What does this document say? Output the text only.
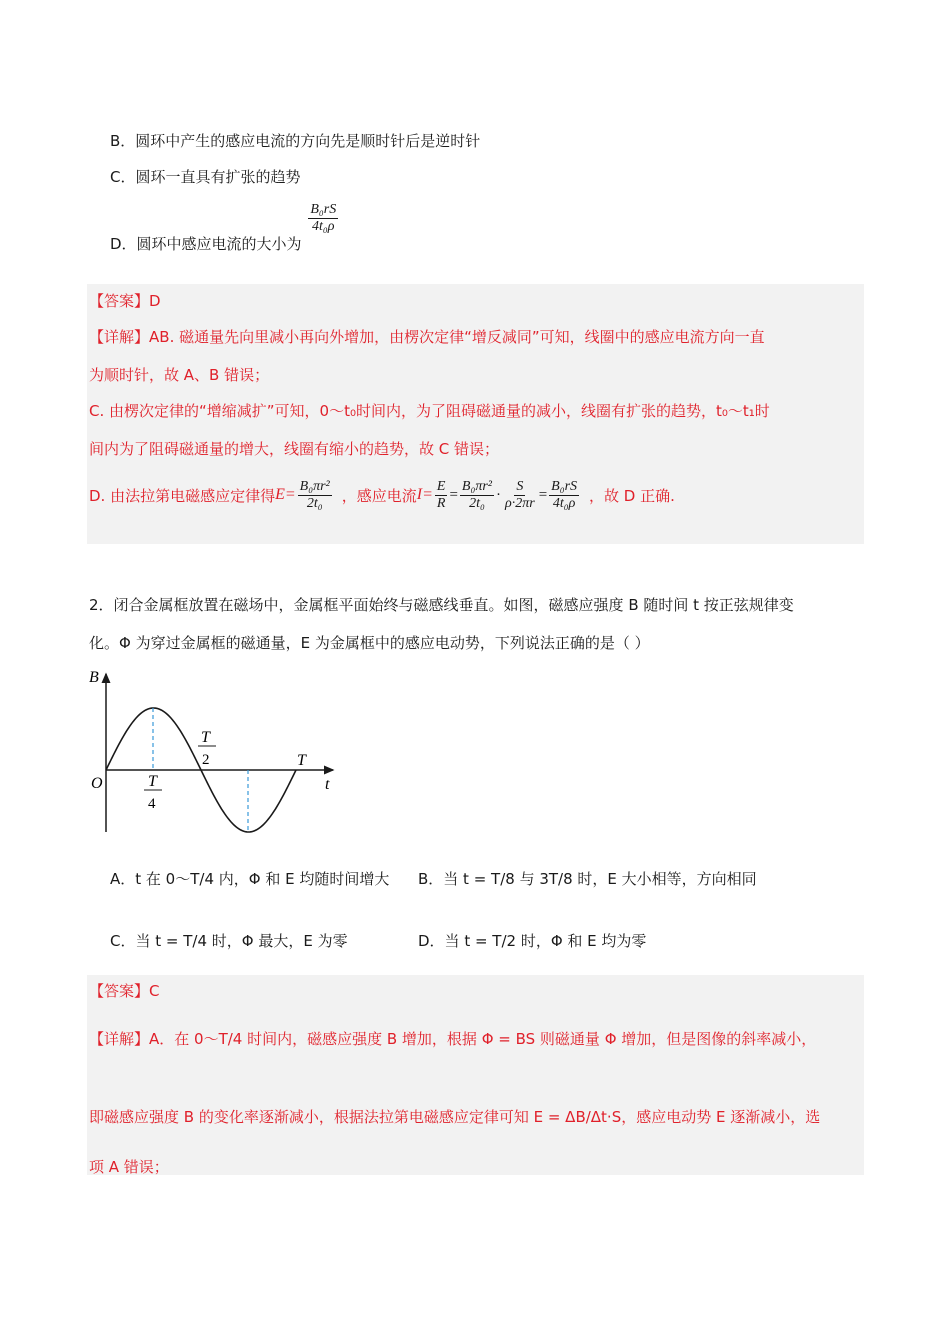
B．圆环中产生的感应电流的方向先是顺时针后是逆时针
C．圆环一直具有扩张的趋势
D．圆环中感应电流的大小为
$\frac{\text{B₀rS}}{\text{4t₀ρ}}$
【答案】D
【详解】AB. 磁通量先向里减小再向外增加，由楞次定律“增反减同”可知，线圈中的感应电流方向一直
为顺时针，故 A、B 错误；
C. 由楞次定律的“增缩减扩”可知，0～t₀时间内，为了阻碍磁通量的减小，线圈有扩张的趋势，t₀～t₁时
间内为了阻碍磁通量的增大，线圈有缩小的趋势，故 C 错误；
D. 由法拉第电磁感应定律得 $E= \frac{\text{B₀πr²}}{\text{2t₀}}$ ，感应电流 $I= \frac{E}{R} = \frac{\text{B₀πr²}}{\text{2t₀}} \cdot \frac{S}{\rho\cdot 2\pi r} = \frac{\text{B₀rS}}{\text{4t₀ρ}}$ ，故 D 正确.
2．闭合金属框放置在磁场中，金属框平面始终与磁感线垂直。如图，磁感应强度 B 随时间 t 按正弦规律变
化。Φ 为穿过金属框的磁通量，E 为金属框中的感应电动势，下列说法正确的是（ ）
B
t
O	T
4
T
2	T
A．t 在 0～T/4 内，Φ 和 E 均随时间增大 B．当 t = T/8 与 3T/8 时，E 大小相等，方向相同
C．当 t = T/4 时，Φ 最大，E 为零	D．当 t = T/2 时，Φ 和 E 均为零
【答案】C
【详解】A．在 0～T/4 时间内，磁感应强度 B 增加，根据 Φ = BS 则磁通量 Φ 增加，但是图像的斜率减小，
即磁感应强度 B 的变化率逐渐减小，根据法拉第电磁感应定律可知 E = ΔB/Δt·S，感应电动势 E 逐渐减小，选
项 A 错误；
